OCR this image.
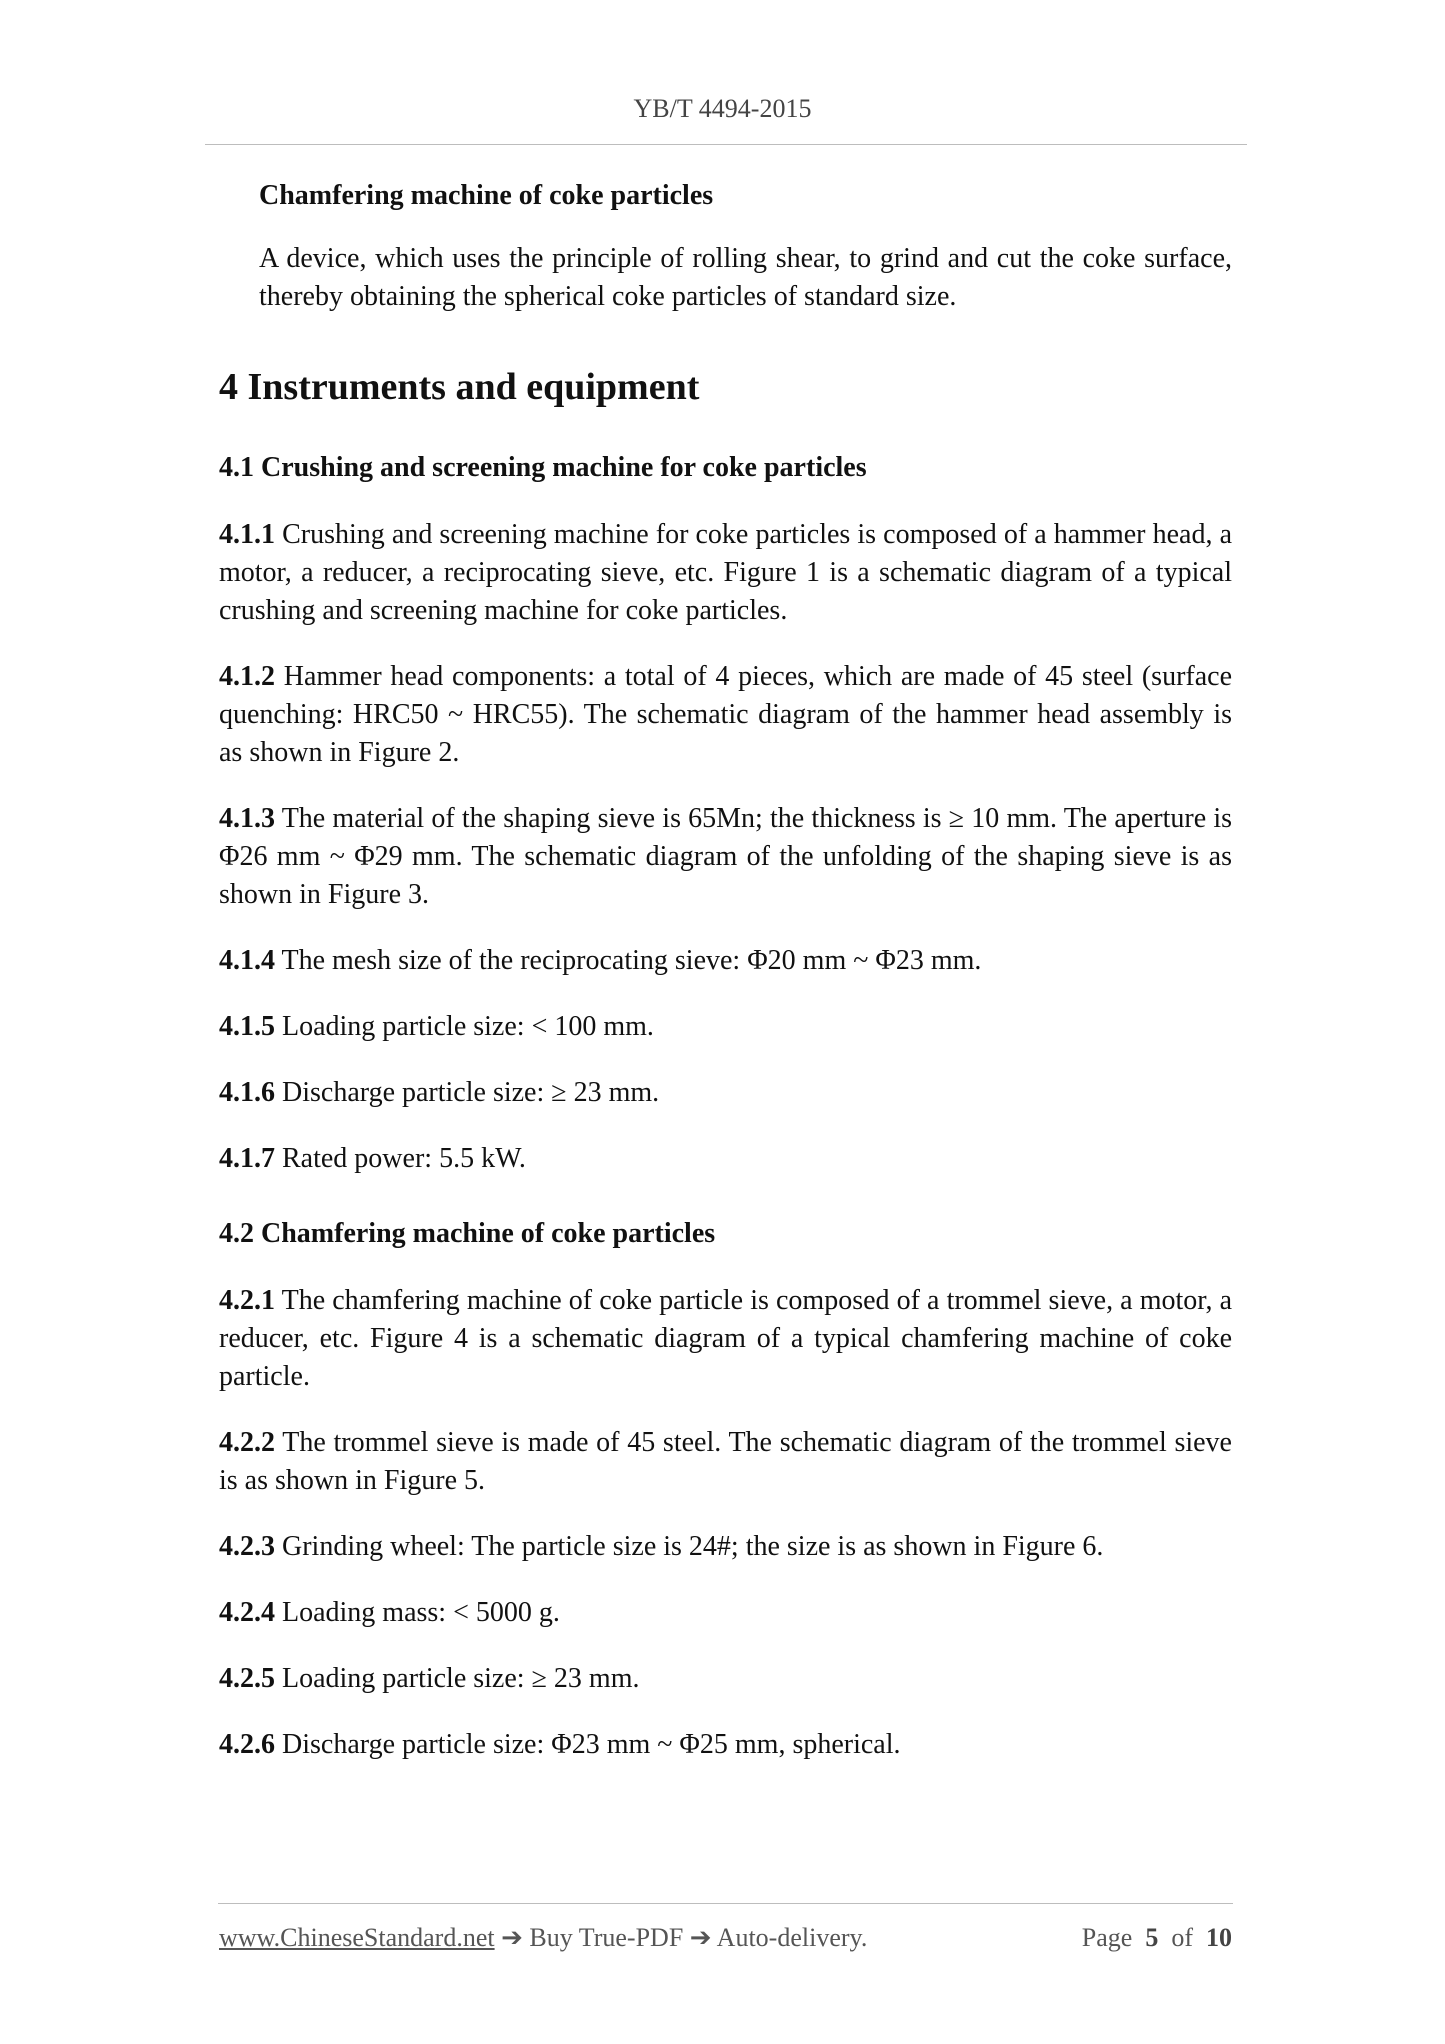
YB/T 4494-2015

Chamfering machine of coke particles

A device, which uses the principle of rolling shear, to grind and cut the coke surface, thereby obtaining the spherical coke particles of standard size.

4 Instruments and equipment
4.1 Crushing and screening machine for coke particles

4.1.1 Crushing and screening machine for coke particles is composed of a hammer head, a motor, a reducer, a reciprocating sieve, etc. Figure 1 is a schematic diagram of a typical crushing and screening machine for coke particles.

4.1.2 Hammer head components: a total of 4 pieces, which are made of 45 steel (surface quenching: HRC50 ~ HRC55). The schematic diagram of the hammer head assembly is as shown in Figure 2.

4.1.3 The material of the shaping sieve is 65Mn; the thickness is ≥ 10 mm. The aperture is Φ26 mm ~ Φ29 mm. The schematic diagram of the unfolding of the shaping sieve is as shown in Figure 3.

4.1.4 The mesh size of the reciprocating sieve: Φ20 mm ~ Φ23 mm.

4.1.5 Loading particle size: < 100 mm.

4.1.6 Discharge particle size: ≥ 23 mm.

4.1.7 Rated power: 5.5 kW.

4.2 Chamfering machine of coke particles

4.2.1 The chamfering machine of coke particle is composed of a trommel sieve, a motor, a reducer, etc. Figure 4 is a schematic diagram of a typical chamfering machine of coke particle.

4.2.2 The trommel sieve is made of 45 steel. The schematic diagram of the trommel sieve is as shown in Figure 5.

4.2.3 Grinding wheel: The particle size is 24#; the size is as shown in Figure 6.

4.2.4 Loading mass: < 5000 g.

4.2.5 Loading particle size: ≥ 23 mm.

4.2.6 Discharge particle size: Φ23 mm ~ Φ25 mm, spherical.

www.ChineseStandard.net ➔ Buy True-PDF ➔ Auto-delivery.	Page 5 of 10
